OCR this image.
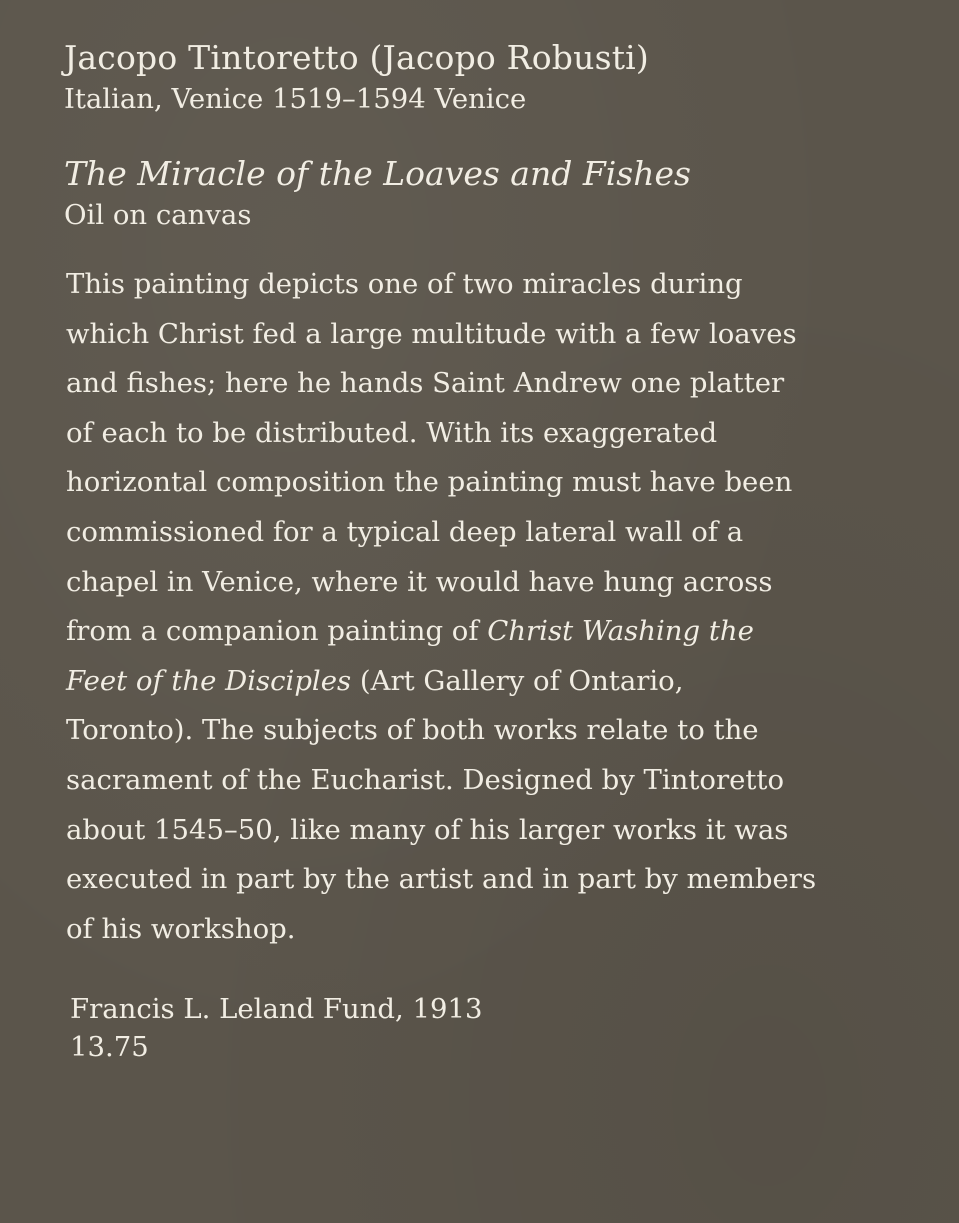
Jacopo Tintoretto (Jacopo Robusti)

Italian, Venice 1519–1594 Venice

The Miracle of the Loaves and Fishes

Oil on canvas

This painting depicts one of two miracles during
which Christ fed a large multitude with a few loaves
and fishes; here he hands Saint Andrew one platter
of each to be distributed. With its exaggerated
horizontal composition the painting must have been
commissioned for a typical deep lateral wall of a
chapel in Venice, where it would have hung across
from a companion painting of Christ Washing the
Feet of the Disciples (Art Gallery of Ontario,
Toronto). The subjects of both works relate to the
sacrament of the Eucharist. Designed by Tintoretto
about 1545–50, like many of his larger works it was
executed in part by the artist and in part by members
of his workshop.

Francis L. Leland Fund, 1913

13.75
